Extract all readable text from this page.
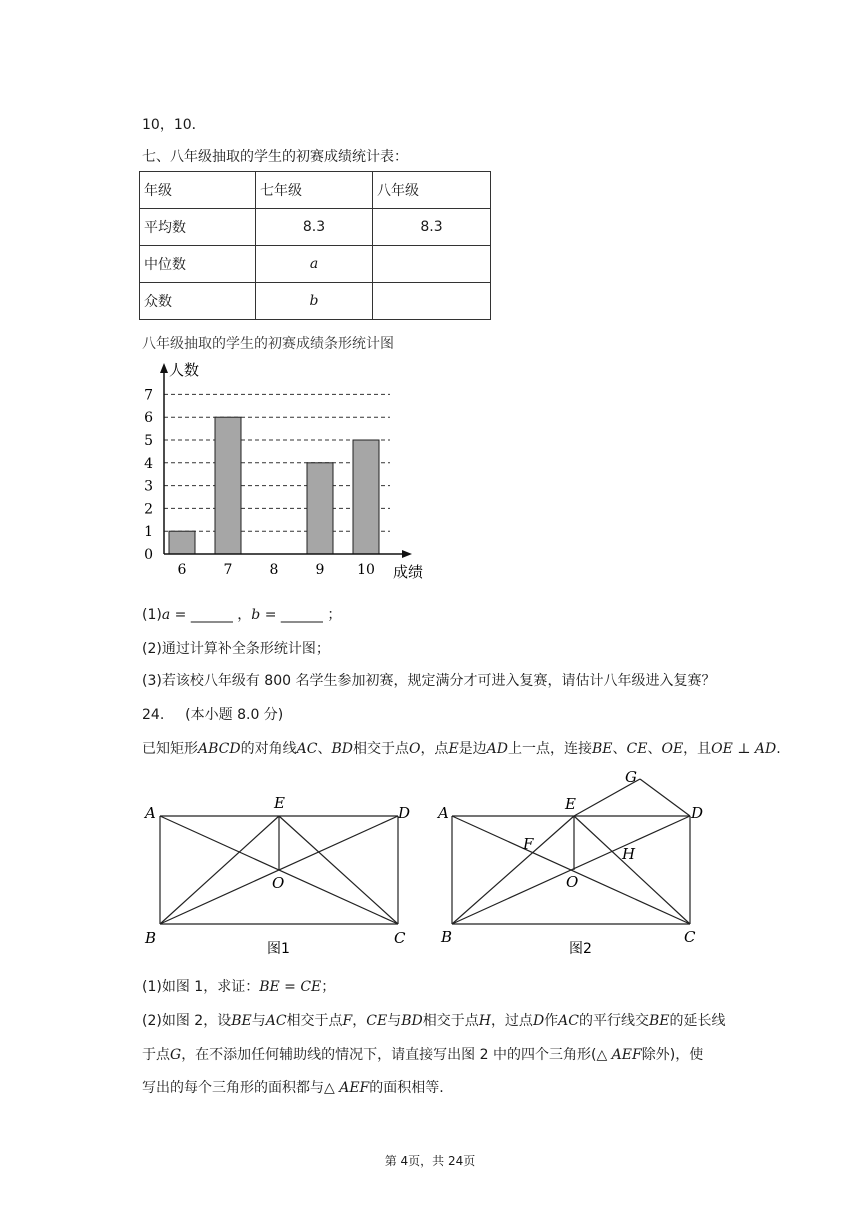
10，10．
七、八年级抽取的学生的初赛成绩统计表：
年级	七年级	八年级
平均数	8.3	8.3
中位数	a	
众数	b	
八年级抽取的学生的初赛成绩条形统计图
0
1
2
3
4
5
6
7
6	7	8	9 10
人数
成绩
(1)a = ______ ，b = ______ ；
(2)通过计算补全条形统计图；
(3)若该校八年级有 800 名学生参加初赛，规定满分才可进入复赛，请估计八年级进入复赛？
24. (本小题 8.0 分)
已知矩形ABCD的对角线AC、BD相交于点O，点E是边AD上一点，连接BE、CE、OE，且OE ⊥ AD.
A
E
D
O
B	C
图1
G
A	E	D
F
H
O
B	C
图2
(1)如图 1，求证：BE = CE；
(2)如图 2，设BE与AC相交于点F，CE与BD相交于点H，过点D作AC的平行线交BE的延长线
于点G，在不添加任何辅助线的情况下，请直接写出图 2 中的四个三角形(△ AEF除外)，使
写出的每个三角形的面积都与△ AEF的面积相等.
第 4页，共 24页
